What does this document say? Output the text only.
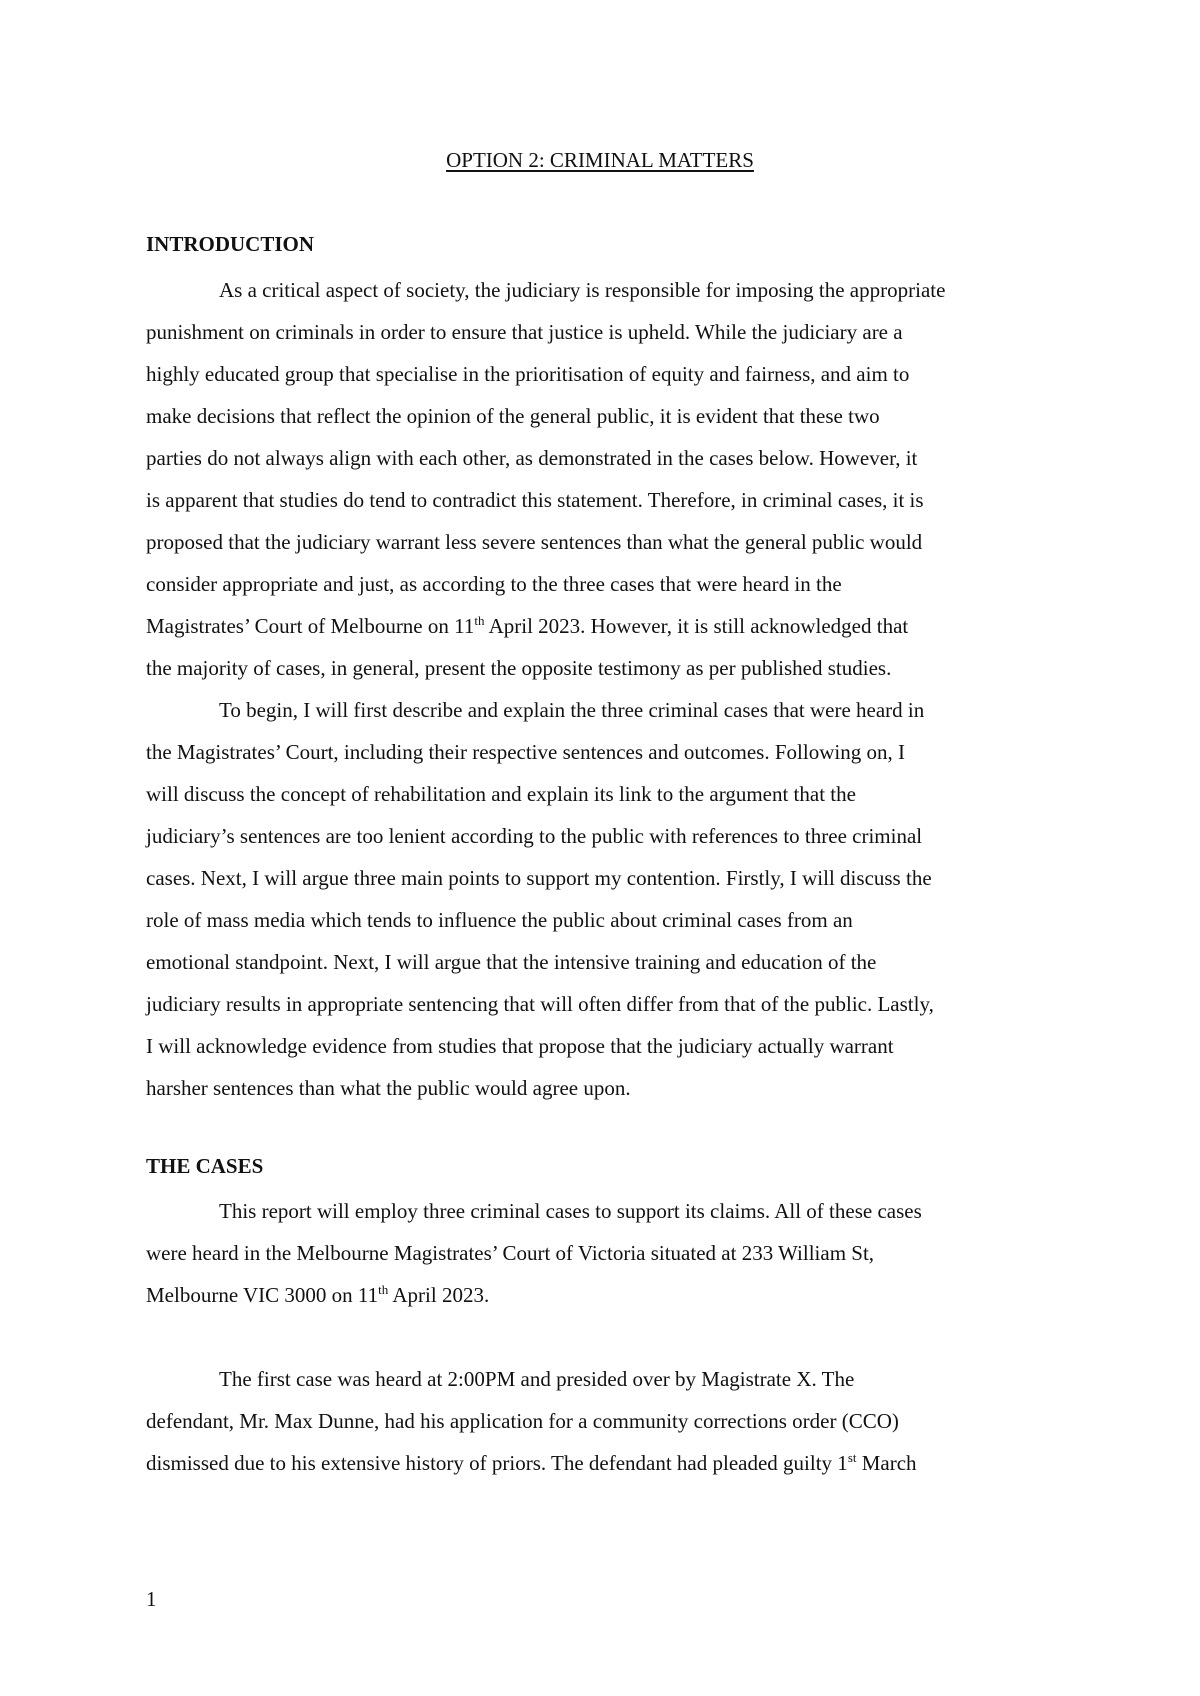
OPTION 2: CRIMINAL MATTERS
INTRODUCTION

As a critical aspect of society, the judiciary is responsible for imposing the appropriate
punishment on criminals in order to ensure that justice is upheld. While the judiciary are a
highly educated group that specialise in the prioritisation of equity and fairness, and aim to
make decisions that reflect the opinion of the general public, it is evident that these two
parties do not always align with each other, as demonstrated in the cases below. However, it
is apparent that studies do tend to contradict this statement. Therefore, in criminal cases, it is
proposed that the judiciary warrant less severe sentences than what the general public would
consider appropriate and just, as according to the three cases that were heard in the
Magistrates’ Court of Melbourne on 11th April 2023. However, it is still acknowledged that
the majority of cases, in general, present the opposite testimony as per published studies.

To begin, I will first describe and explain the three criminal cases that were heard in
the Magistrates’ Court, including their respective sentences and outcomes. Following on, I
will discuss the concept of rehabilitation and explain its link to the argument that the
judiciary’s sentences are too lenient according to the public with references to three criminal
cases. Next, I will argue three main points to support my contention. Firstly, I will discuss the
role of mass media which tends to influence the public about criminal cases from an
emotional standpoint. Next, I will argue that the intensive training and education of the
judiciary results in appropriate sentencing that will often differ from that of the public. Lastly,
I will acknowledge evidence from studies that propose that the judiciary actually warrant
harsher sentences than what the public would agree upon.

THE CASES

This report will employ three criminal cases to support its claims. All of these cases
were heard in the Melbourne Magistrates’ Court of Victoria situated at 233 William St,
Melbourne VIC 3000 on 11th April 2023.

The first case was heard at 2:00PM and presided over by Magistrate X. The
defendant, Mr. Max Dunne, had his application for a community corrections order (CCO)
dismissed due to his extensive history of priors. The defendant had pleaded guilty 1st March

1
